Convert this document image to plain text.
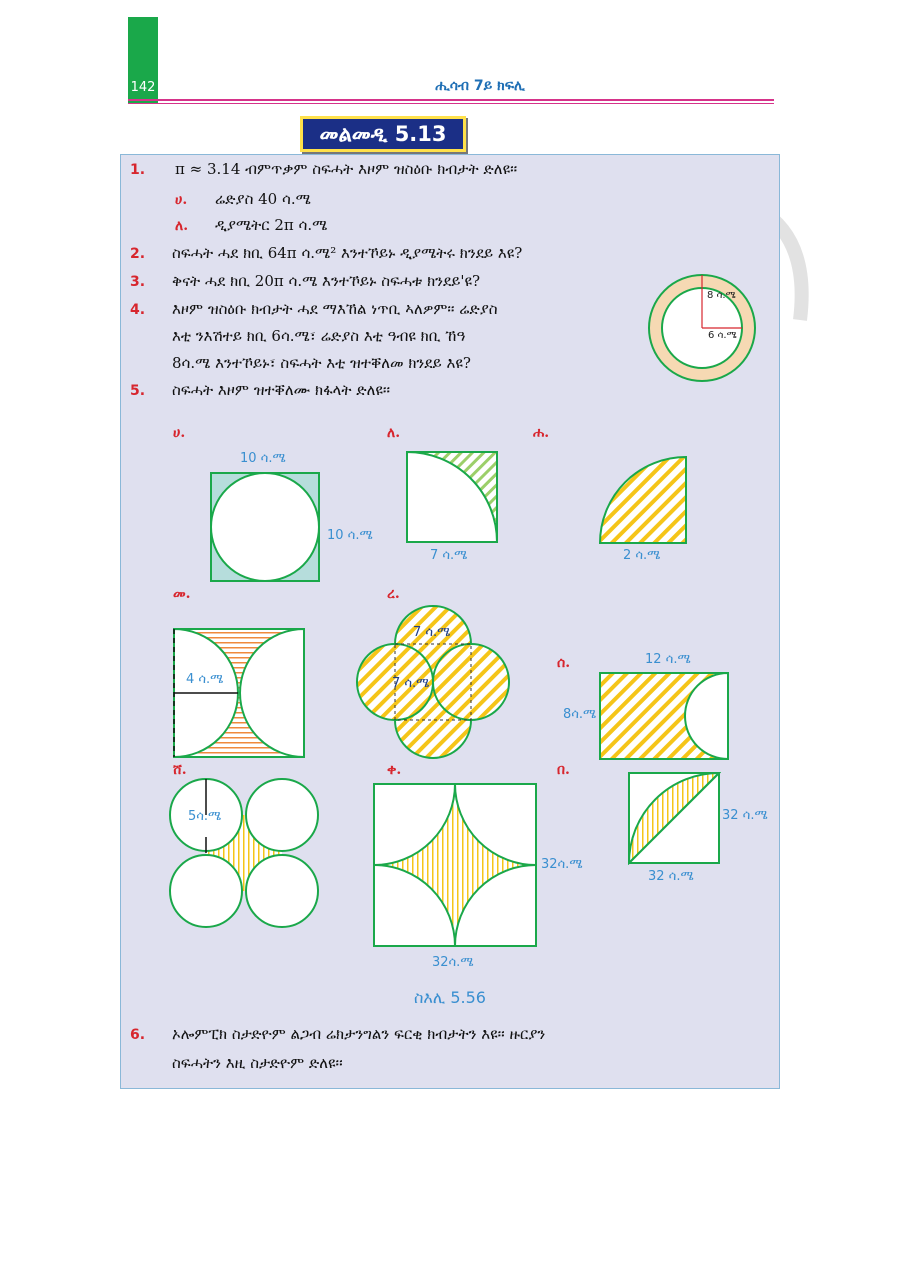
142	ሒሳብ 7ይ ክፍሊ
መልመዲ 5.13
1. π ≈ 3.14 ብምጥቃም ስፍሓት እዞም ዝስዕቡ ክብታት ድለዩ፡፡
ሀ. ሬድያስ 40 ሳ.ሜ
ለ. ዲያሜትር 2π ሳ.ሜ
2. ስፍሓት ሓደ ክቢ 64π ሳ.ሜ² እንተኾይኑ ዲያሜትሩ ክንደይ እዩ?
3. ቅናት ሓደ ክቢ 20π ሳ.ሜ እንተኾይኑ ስፍሓቱ ክንደይ'ዩ?
4. እዞም ዝስዕቡ ክብታት ሓደ ማእኸል ነጥቢ ኣለዎም፡፡ ሬድያስ
እቲ ንእሽተይ ክቢ 6ሳ.ሜ፣ ሬድያስ እቲ ዓብዩ ክቢ ኸዓ
8ሳ.ሜ እንተኾይኑ፣ ስፍሓት እቲ ዝተቐለመ ክንደይ እዩ?
5. ስፍሓት እዞም ዝተቐለሙ ክፋላት ድለዩ፡፡
6. ኦሎምፒክ ስታድዮም ልጋብ ሬክታንግልን ፍርቂ ክብታትን እዩ፡፡ ዙርያን
ስፍሓትን እዚ ስታድዮም ድለዩ፡፡
8 ሳ.ሜ
6 ሳ.ሜ
ሀ.
10 ሳ.ሜ
10 ሳ.ሜ
ለ.
7 ሳ.ሜ
ሐ.
2 ሳ.ሜ
መ.
4 ሳ.ሜ
ረ.
7 ሳ.ሜ
7 ሳ.ሜ
ሰ.	12 ሳ.ሜ
8ሳ.ሜ
ሸ.
5ሳ.ሜ
ቀ.
32ሳ.ሜ
32ሳ.ሜ
በ.
32 ሳ.ሜ
32 ሳ.ሜ
ስእሊ 5.56
